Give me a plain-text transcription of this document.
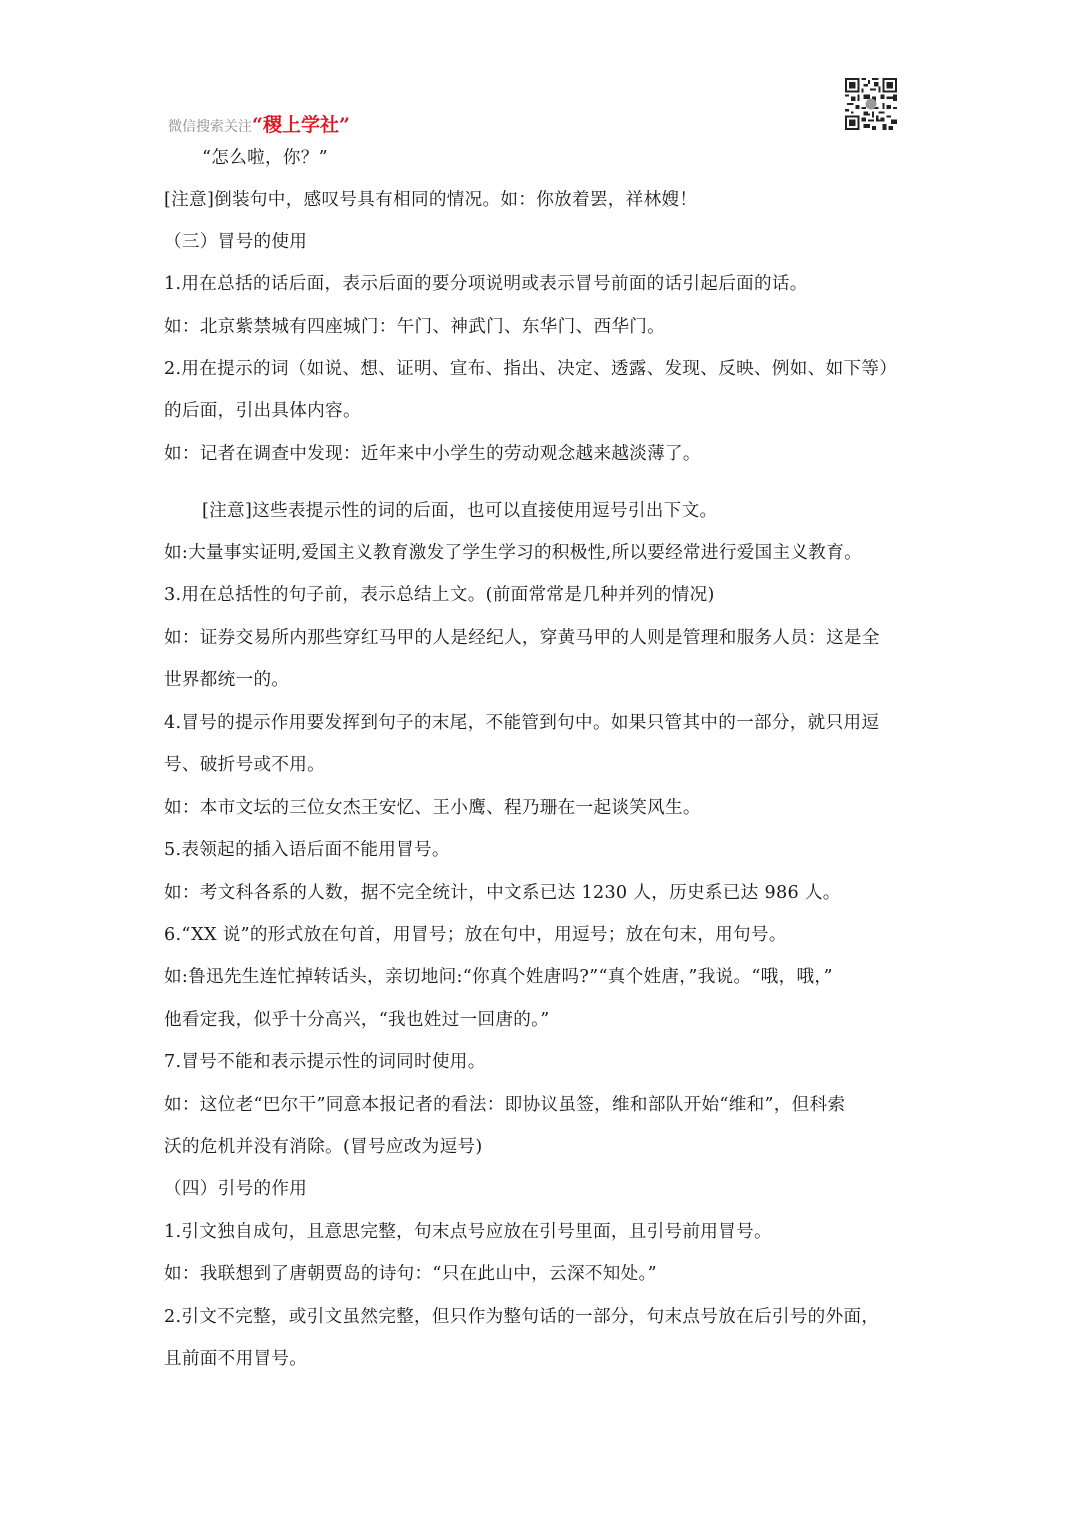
微信搜索关注“稷上学社”
“怎么啦，你？”
[注意]倒装句中，感叹号具有相同的情况。如：你放着罢，祥林嫂！
（三）冒号的使用
1.用在总括的话后面，表示后面的要分项说明或表示冒号前面的话引起后面的话。
如：北京紫禁城有四座城门：午门、神武门、东华门、西华门。
2.用在提示的词（如说、想、证明、宣布、指出、决定、透露、发现、反映、例如、如下等）
的后面，引出具体内容。
如：记者在调查中发现：近年来中小学生的劳动观念越来越淡薄了。
[注意]这些表提示性的词的后面，也可以直接使用逗号引出下文。
如:大量事实证明,爱国主义教育激发了学生学习的积极性,所以要经常进行爱国主义教育。
3.用在总括性的句子前，表示总结上文。(前面常常是几种并列的情况)
如：证券交易所内那些穿红马甲的人是经纪人，穿黄马甲的人则是管理和服务人员：这是全
世界都统一的。
4.冒号的提示作用要发挥到句子的末尾，不能管到句中。如果只管其中的一部分，就只用逗
号、破折号或不用。
如：本市文坛的三位女杰王安忆、王小鹰、程乃珊在一起谈笑风生。
5.表领起的插入语后面不能用冒号。
如：考文科各系的人数，据不完全统计，中文系已达 1230 人，历史系已达 986 人。
6.“XX 说”的形式放在句首，用冒号；放在句中，用逗号；放在句末，用句号。
如:鲁迅先生连忙掉转话头，亲切地问:“你真个姓唐吗?”“真个姓唐，”我说。“哦，哦，”
他看定我，似乎十分高兴，“我也姓过一回唐的。”
7.冒号不能和表示提示性的词同时使用。
如：这位老“巴尔干”同意本报记者的看法：即协议虽签，维和部队开始“维和”，但科索
沃的危机并没有消除。(冒号应改为逗号)
（四）引号的作用
1.引文独自成句，且意思完整，句末点号应放在引号里面，且引号前用冒号。
如：我联想到了唐朝贾岛的诗句：“只在此山中，云深不知处。”
2.引文不完整，或引文虽然完整，但只作为整句话的一部分，句末点号放在后引号的外面，
且前面不用冒号。
